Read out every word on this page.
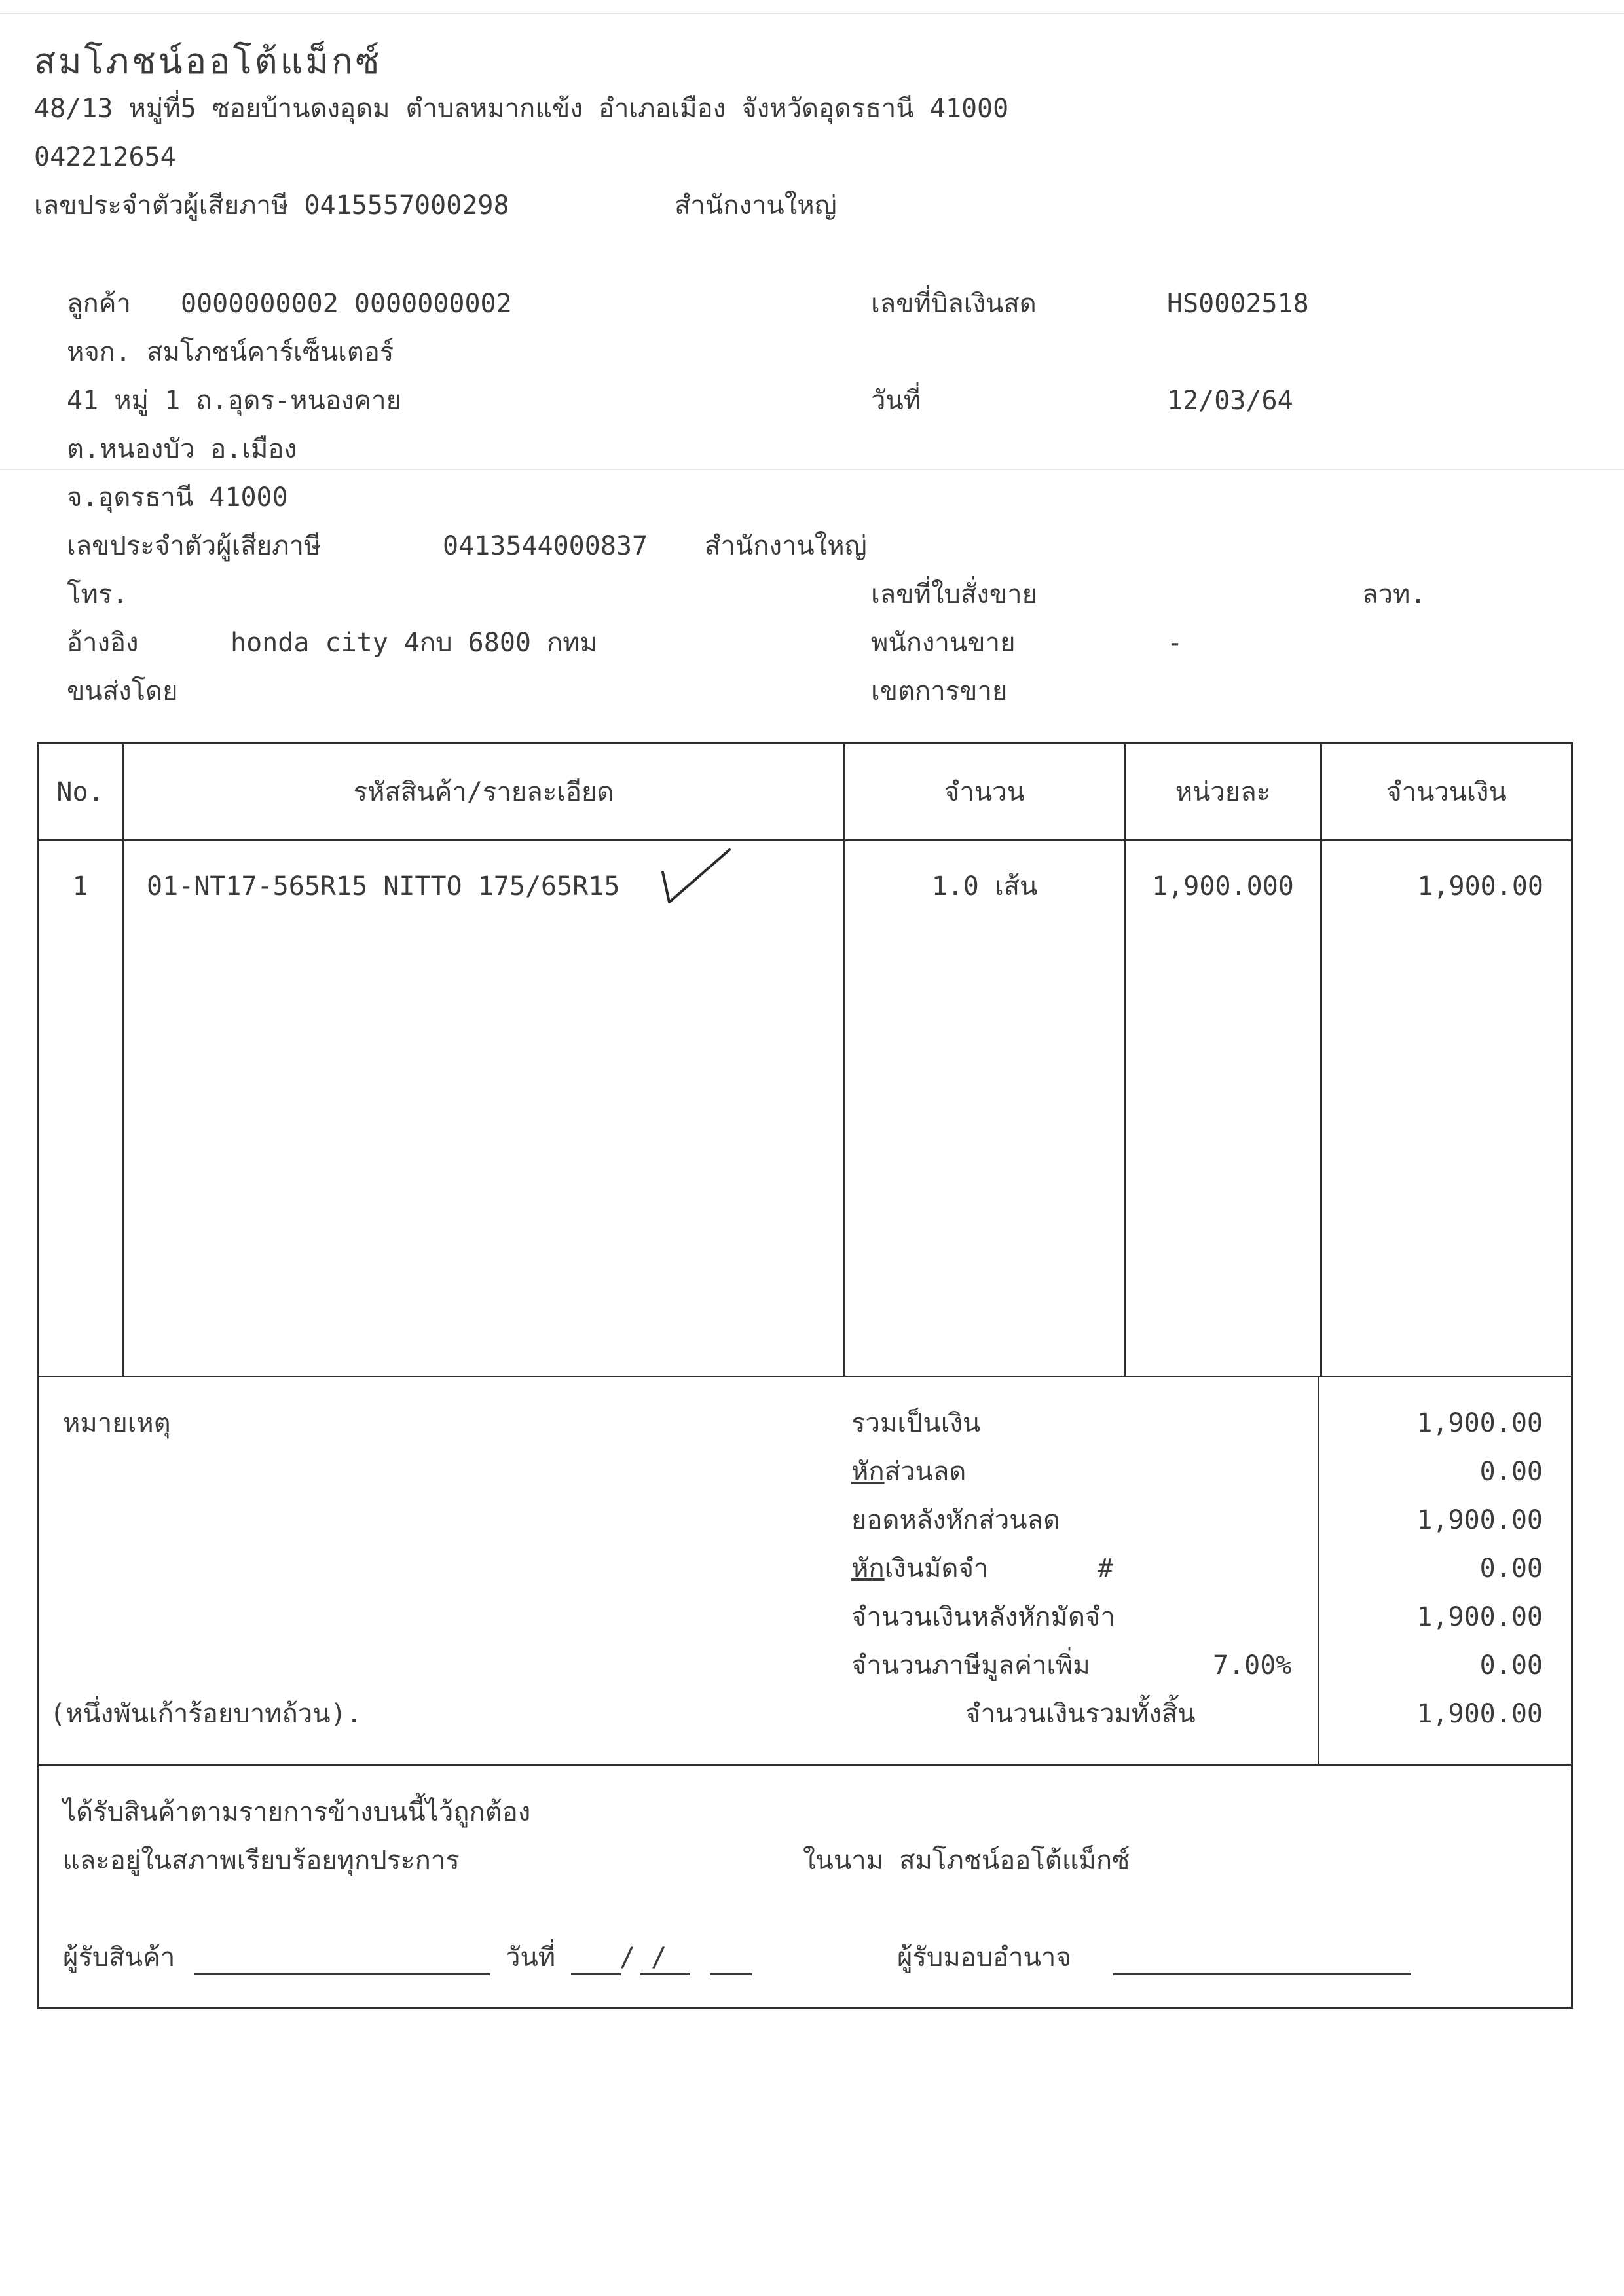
สมโภชน์ออโต้แม็กซ์
48/13 หมู่ที่5 ซอยบ้านดงอุดม ตำบลหมากแข้ง อำเภอเมือง จังหวัดอุดรธานี 41000
042212654
เลขประจำตัวผู้เสียภาษี 0415557000298	สำนักงานใหญ่
ลูกค้า 0000000002 0000000002
หจก. สมโภชน์คาร์เซ็นเตอร์
41 หมู่ 1 ถ.อุดร-หนองคาย
ต.หนองบัว อ.เมือง
จ.อุดรธานี 41000
เลขประจำตัวผู้เสียภาษี	0413544000837 สำนักงานใหญ่
โทร.
อ้างอิง	honda city 4กบ 6800 กทม
ขนส่งโดย
เลขที่บิลเงินสด	HS0002518
วันที่	12/03/64
เลขที่ใบสั่งขาย	ลวท.
พนักงานขาย	-
เขตการขาย
No.	รหัสสินค้า/รายละเอียด	จำนวน	หน่วยละ	จำนวนเงิน
1	01-NT17-565R15 NITTO 175/65R15	1.0 เส้น	1,900.000	1,900.00
หมายเหตุ
(หนึ่งพันเก้าร้อยบาทถ้วน).
รวมเป็นเงิน	1,900.00
หักส่วนลด	0.00
ยอดหลังหักส่วนลด	1,900.00
หักเงินมัดจำ	#	0.00
จำนวนเงินหลังหักมัดจำ	1,900.00
จำนวนภาษีมูลค่าเพิ่ม	7.00%	0.00
จำนวนเงินรวมทั้งสิ้น	1,900.00
ได้รับสินค้าตามรายการข้างบนนี้ไว้ถูกต้อง
และอยู่ในสภาพเรียบร้อยทุกประการ	ในนาม สมโภชน์ออโต้แม็กซ์
ผู้รับสินค้า	วันที่ / /	ผู้รับมอบอำนาจ
